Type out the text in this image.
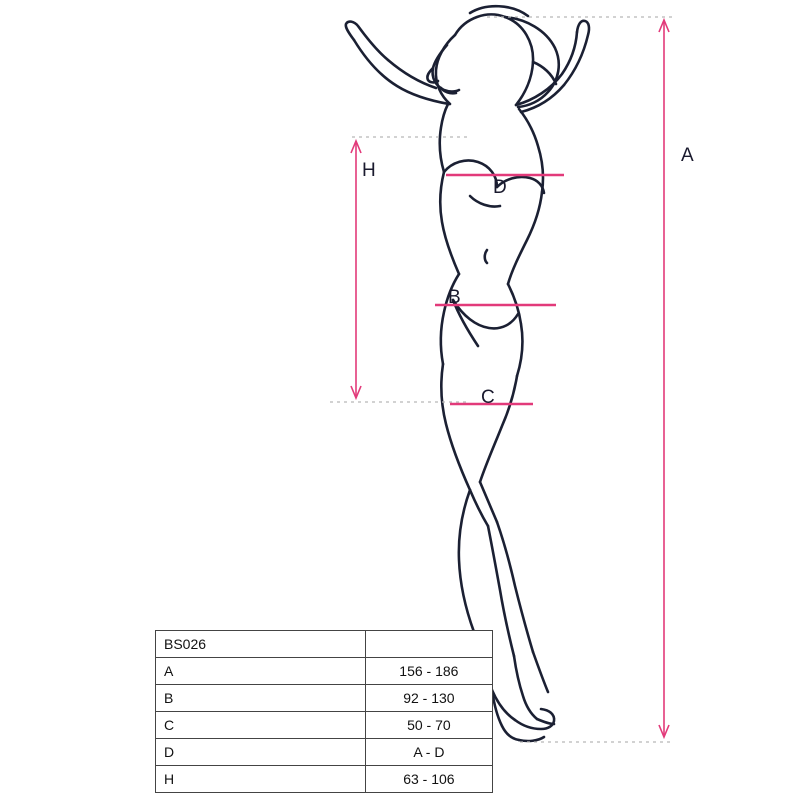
A
H
D
B
C
BS026	
A	156 - 186
B	92 - 130
C	50 - 70
D	A - D
H	63 - 106
